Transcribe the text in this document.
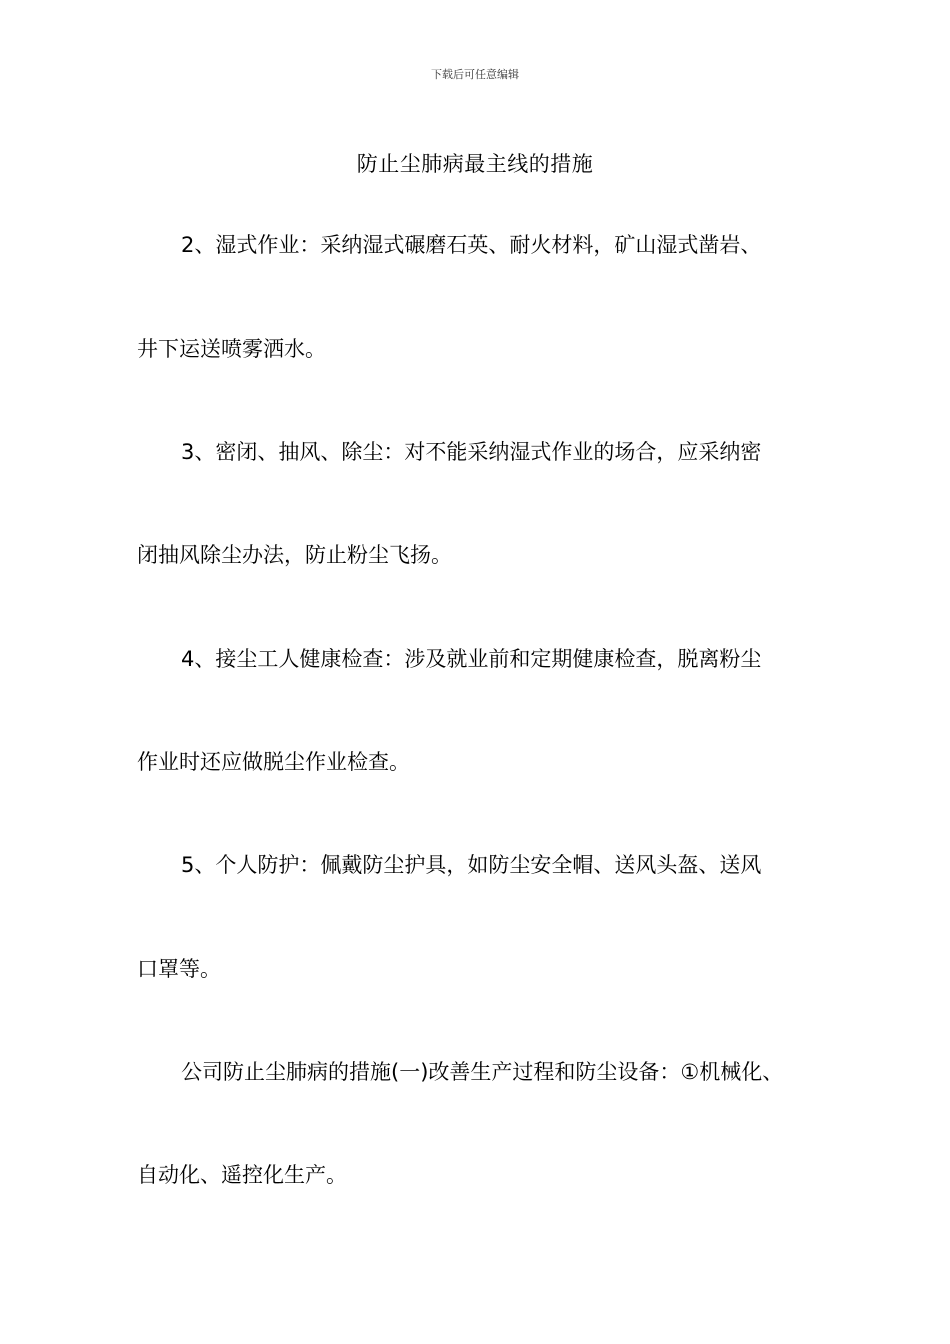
下载后可任意编辑
防止尘肺病最主线的措施
2、湿式作业：采纳湿式碾磨石英、耐火材料，矿山湿式凿岩、
井下运送喷雾洒水。
3、密闭、抽风、除尘：对不能采纳湿式作业的场合，应采纳密
闭抽风除尘办法，防止粉尘飞扬。
4、接尘工人健康检查：涉及就业前和定期健康检查，脱离粉尘
作业时还应做脱尘作业检查。
5、个人防护：佩戴防尘护具，如防尘安全帽、送风头盔、送风
口罩等。
公司防止尘肺病的措施(一)改善生产过程和防尘设备：①机械化、
自动化、遥控化生产。
